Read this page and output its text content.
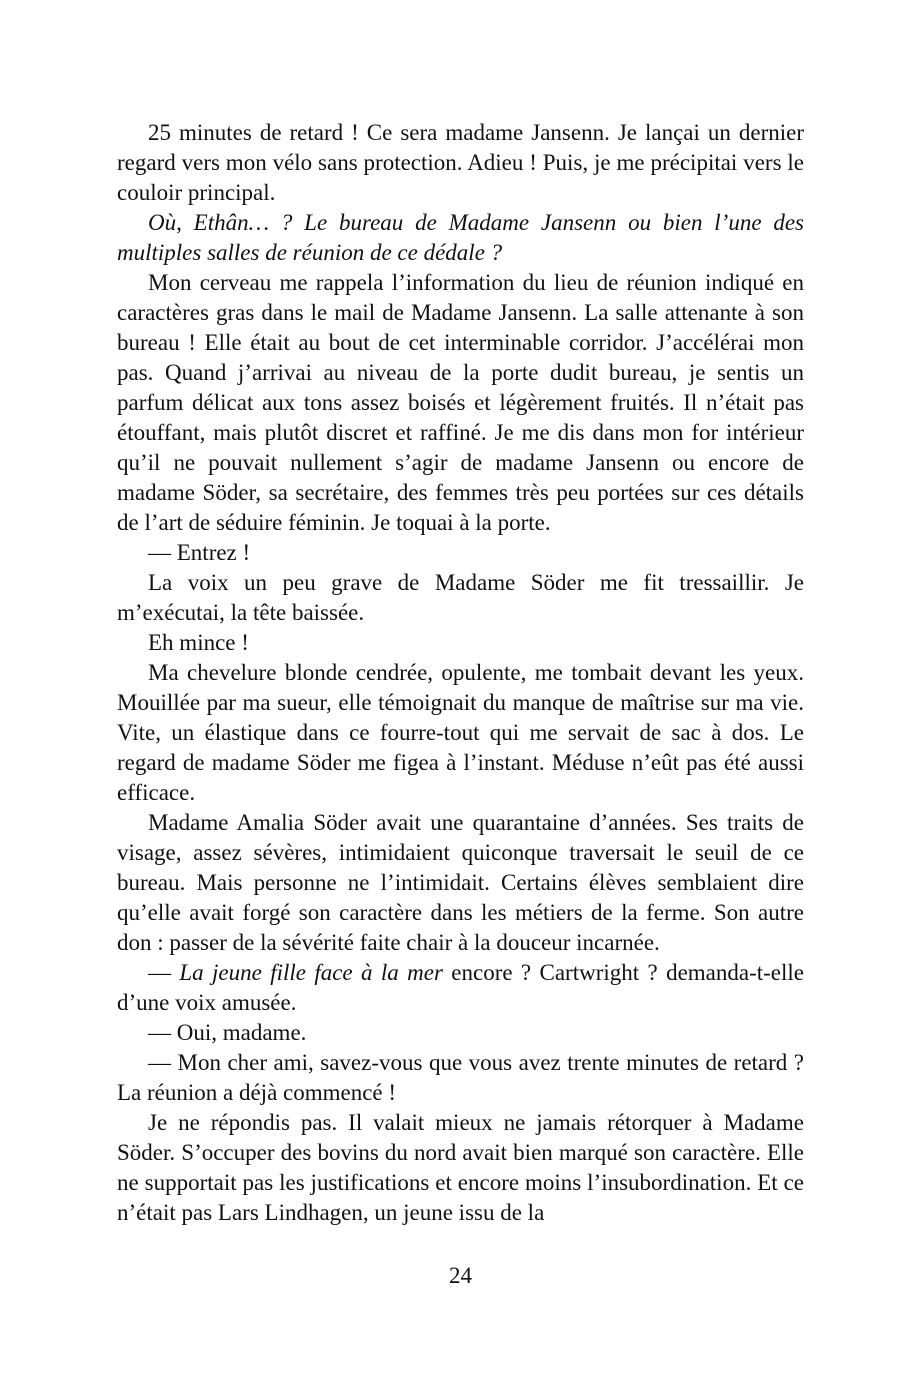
25 minutes de retard ! Ce sera madame Jansenn. Je lançai un dernier regard vers mon vélo sans protection. Adieu ! Puis, je me précipitai vers le couloir principal.

Où, Ethân… ? Le bureau de Madame Jansenn ou bien l’une des multiples salles de réunion de ce dédale ?

Mon cerveau me rappela l’information du lieu de réunion indiqué en caractères gras dans le mail de Madame Jansenn. La salle attenante à son bureau ! Elle était au bout de cet interminable corridor. J’accélérai mon pas. Quand j’arrivai au niveau de la porte dudit bureau, je sentis un parfum délicat aux tons assez boisés et légèrement fruités. Il n’était pas étouffant, mais plutôt discret et raffiné. Je me dis dans mon for intérieur qu’il ne pouvait nullement s’agir de madame Jansenn ou encore de madame Söder, sa secrétaire, des femmes très peu portées sur ces détails de l’art de séduire féminin. Je toquai à la porte.

— Entrez !

La voix un peu grave de Madame Söder me fit tressaillir. Je m’exécutai, la tête baissée.

Eh mince !

Ma chevelure blonde cendrée, opulente, me tombait devant les yeux. Mouillée par ma sueur, elle témoignait du manque de maîtrise sur ma vie. Vite, un élastique dans ce fourre-tout qui me servait de sac à dos. Le regard de madame Söder me figea à l’instant. Méduse n’eût pas été aussi efficace.

Madame Amalia Söder avait une quarantaine d’années. Ses traits de visage, assez sévères, intimidaient quiconque traversait le seuil de ce bureau. Mais personne ne l’intimidait. Certains élèves semblaient dire qu’elle avait forgé son caractère dans les métiers de la ferme. Son autre don : passer de la sévérité faite chair à la douceur incarnée.

— La jeune fille face à la mer encore ? Cartwright ? demanda-t-elle d’une voix amusée.

— Oui, madame.

— Mon cher ami, savez-vous que vous avez trente minutes de retard ? La réunion a déjà commencé !

Je ne répondis pas. Il valait mieux ne jamais rétorquer à Madame Söder. S’occuper des bovins du nord avait bien marqué son caractère. Elle ne supportait pas les justifications et encore moins l’insubordination. Et ce n’était pas Lars Lindhagen, un jeune issu de la

24
